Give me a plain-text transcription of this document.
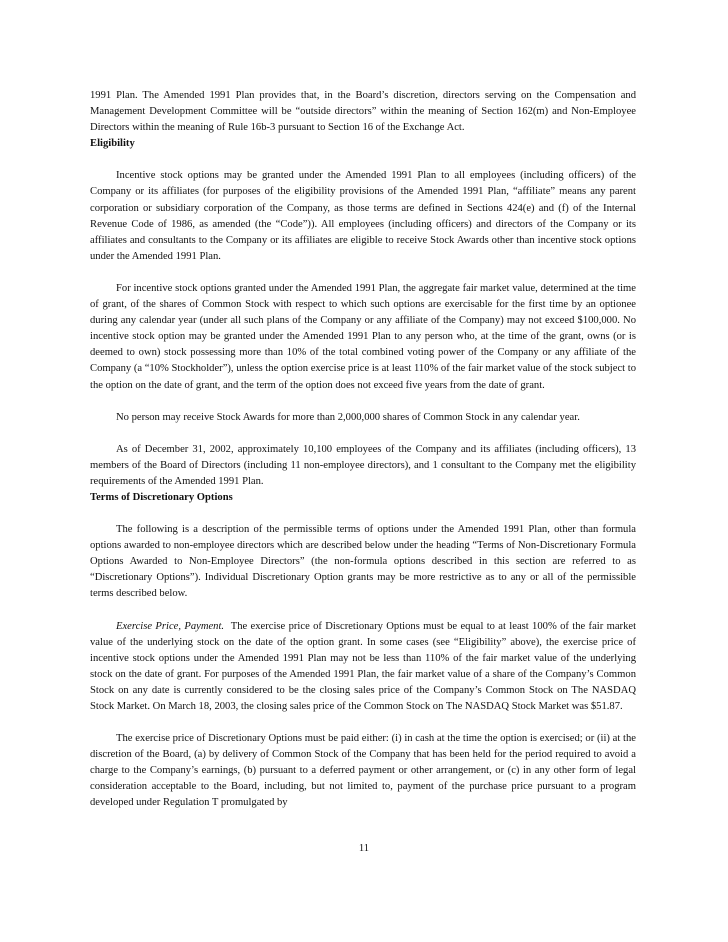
1991 Plan. The Amended 1991 Plan provides that, in the Board’s discretion, directors serving on the Compensation and Management Development Committee will be “outside directors” within the meaning of Section 162(m) and Non-Employee Directors within the meaning of Rule 16b-3 pursuant to Section 16 of the Exchange Act.

Eligibility

Incentive stock options may be granted under the Amended 1991 Plan to all employees (including officers) of the Company or its affiliates (for purposes of the eligibility provisions of the Amended 1991 Plan, “affiliate” means any parent corporation or subsidiary corporation of the Company, as those terms are defined in Sections 424(e) and (f) of the Internal Revenue Code of 1986, as amended (the “Code”)). All employees (including officers) and directors of the Company or its affiliates and consultants to the Company or its affiliates are eligible to receive Stock Awards other than incentive stock options under the Amended 1991 Plan.

For incentive stock options granted under the Amended 1991 Plan, the aggregate fair market value, determined at the time of grant, of the shares of Common Stock with respect to which such options are exercisable for the first time by an optionee during any calendar year (under all such plans of the Company or any affiliate of the Company) may not exceed $100,000. No incentive stock option may be granted under the Amended 1991 Plan to any person who, at the time of the grant, owns (or is deemed to own) stock possessing more than 10% of the total combined voting power of the Company or any affiliate of the Company (a “10% Stockholder”), unless the option exercise price is at least 110% of the fair market value of the stock subject to the option on the date of grant, and the term of the option does not exceed five years from the date of grant.

No person may receive Stock Awards for more than 2,000,000 shares of Common Stock in any calendar year.

As of December 31, 2002, approximately 10,100 employees of the Company and its affiliates (including officers), 13 members of the Board of Directors (including 11 non-employee directors), and 1 consultant to the Company met the eligibility requirements of the Amended 1991 Plan.

Terms of Discretionary Options

The following is a description of the permissible terms of options under the Amended 1991 Plan, other than formula options awarded to non-employee directors which are described below under the heading “Terms of Non-Discretionary Formula Options Awarded to Non-Employee Directors” (the non-formula options described in this section are referred to as “Discretionary Options”). Individual Discretionary Option grants may be more restrictive as to any or all of the permissible terms described below.

Exercise Price, Payment. The exercise price of Discretionary Options must be equal to at least 100% of the fair market value of the underlying stock on the date of the option grant. In some cases (see “Eligibility” above), the exercise price of incentive stock options under the Amended 1991 Plan may not be less than 110% of the fair market value of the underlying stock on the date of grant. For purposes of the Amended 1991 Plan, the fair market value of a share of the Company’s Common Stock on any date is currently considered to be the closing sales price of the Company’s Common Stock on The NASDAQ Stock Market. On March 18, 2003, the closing sales price of the Common Stock on The NASDAQ Stock Market was $51.87.

The exercise price of Discretionary Options must be paid either: (i) in cash at the time the option is exercised; or (ii) at the discretion of the Board, (a) by delivery of Common Stock of the Company that has been held for the period required to avoid a charge to the Company’s earnings, (b) pursuant to a deferred payment or other arrangement, or (c) in any other form of legal consideration acceptable to the Board, including, but not limited to, payment of the purchase price pursuant to a program developed under Regulation T promulgated by

11
